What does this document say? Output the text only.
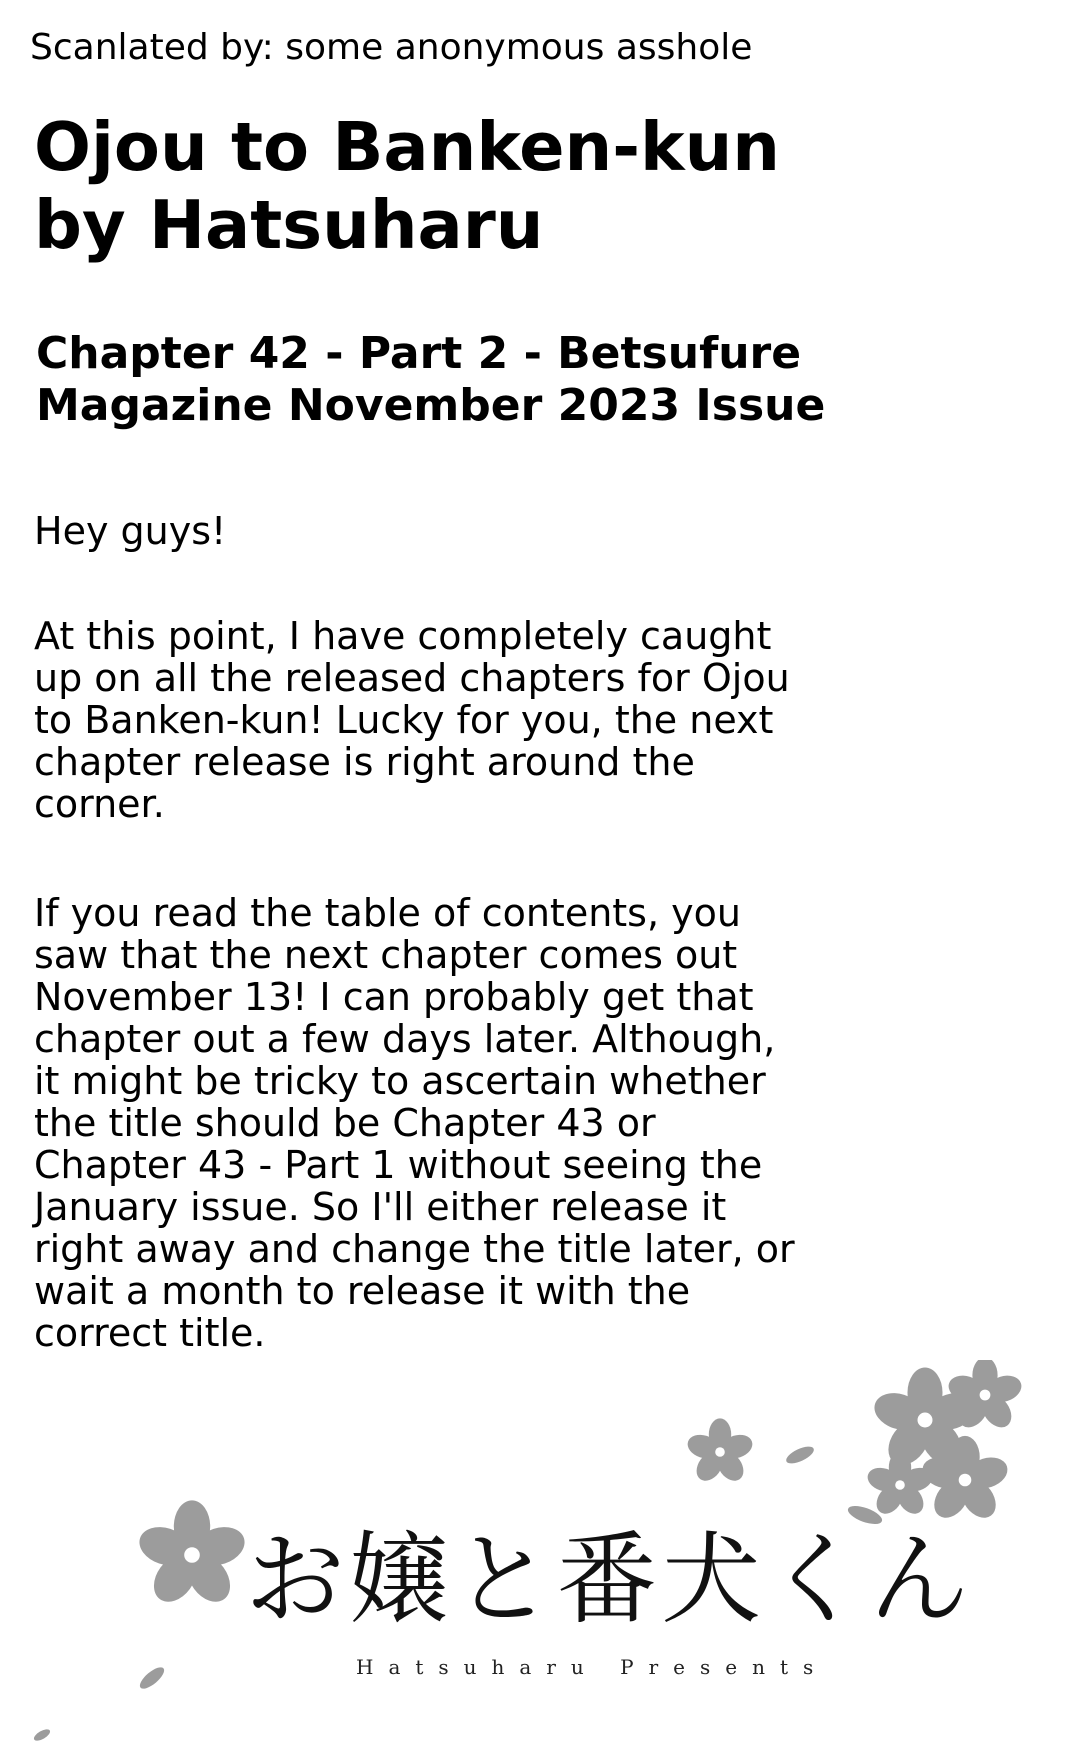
Scanlated by: some anonymous asshole
Ojou to Banken-kun
by Hatsuharu
Chapter 42 - Part 2 - Betsufure
Magazine November 2023 Issue

Hey guys!

At this point, I have completely caught
up on all the released chapters for Ojou
to Banken-kun! Lucky for you, the next
chapter release is right around the
corner.

If you read the table of contents, you
saw that the next chapter comes out
November 13! I can probably get that
chapter out a few days later. Although,
it might be tricky to ascertain whether
the title should be Chapter 43 or
Chapter 43 - Part 1 without seeing the
January issue. So I'll either release it
right away and change the title later, or
wait a month to release it with the
correct title.

お嬢と番犬くん
Hatsuharu Presents
